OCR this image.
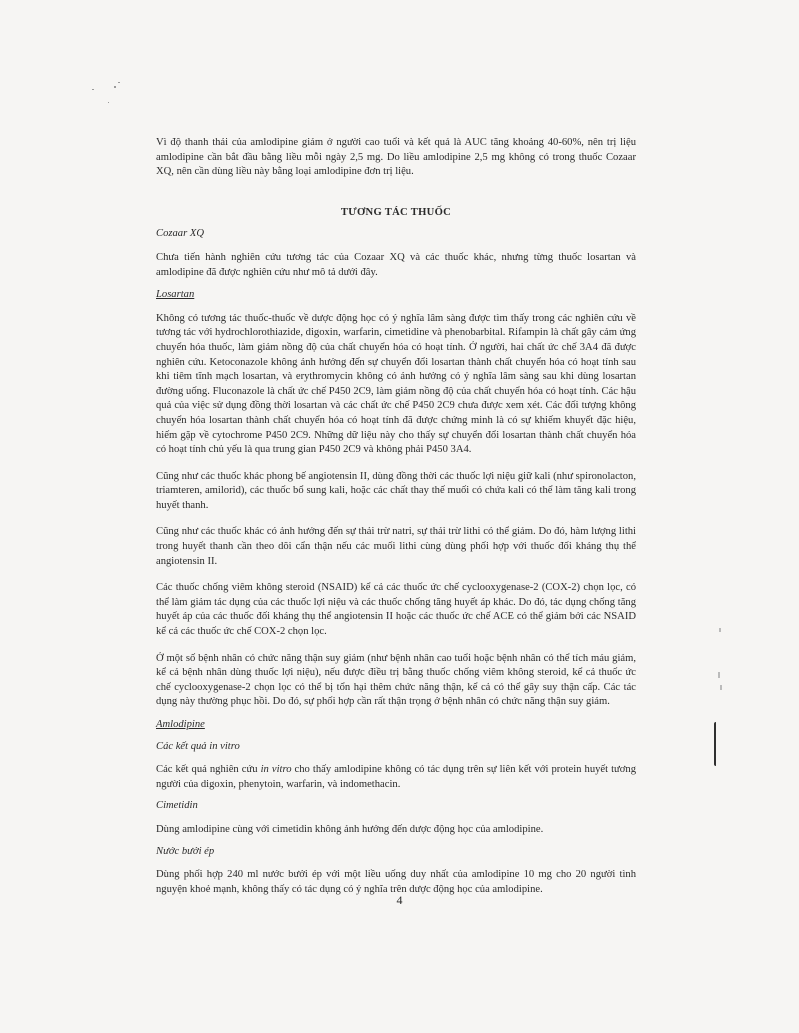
Vì độ thanh thải của amlodipine giảm ở người cao tuổi và kết quả là AUC tăng khoảng 40-60%, nên trị liệu amlodipine cần bắt đầu bằng liều mỗi ngày 2,5 mg. Do liều amlodipine 2,5 mg không có trong thuốc Cozaar XQ, nên cần dùng liều này bằng loại amlodipine đơn trị liệu.

TƯƠNG TÁC THUỐC
Cozaar XQ

Chưa tiến hành nghiên cứu tương tác của Cozaar XQ và các thuốc khác, nhưng từng thuốc losartan và amlodipine đã được nghiên cứu như mô tả dưới đây.

Losartan

Không có tương tác thuốc-thuốc về dược động học có ý nghĩa lâm sàng được tìm thấy trong các nghiên cứu về tương tác với hydrochlorothiazide, digoxin, warfarin, cimetidine và phenobarbital. Rifampin là chất gây cảm ứng chuyển hóa thuốc, làm giảm nồng độ của chất chuyển hóa có hoạt tính. Ở người, hai chất ức chế 3A4 đã được nghiên cứu. Ketoconazole không ảnh hưởng đến sự chuyển đổi losartan thành chất chuyển hóa có hoạt tính sau khi tiêm tĩnh mạch losartan, và erythromycin không có ảnh hưởng có ý nghĩa lâm sàng sau khi dùng losartan đường uống. Fluconazole là chất ức chế P450 2C9, làm giảm nồng độ của chất chuyển hóa có hoạt tính. Các hậu quả của việc sử dụng đồng thời losartan và các chất ức chế P450 2C9 chưa được xem xét. Các đối tượng không chuyển hóa losartan thành chất chuyển hóa có hoạt tính đã được chứng minh là có sự khiếm khuyết đặc hiệu, hiếm gặp về cytochrome P450 2C9. Những dữ liệu này cho thấy sự chuyển đổi losartan thành chất chuyển hóa có hoạt tính chủ yếu là qua trung gian P450 2C9 và không phải P450 3A4.

Cũng như các thuốc khác phong bế angiotensin II, dùng đồng thời các thuốc lợi niệu giữ kali (như spironolacton, triamteren, amilorid), các thuốc bổ sung kali, hoặc các chất thay thế muối có chứa kali có thể làm tăng kali trong huyết thanh.

Cũng như các thuốc khác có ảnh hưởng đến sự thải trừ natri, sự thải trừ lithi có thể giảm. Do đó, hàm lượng lithi trong huyết thanh cần theo dõi cẩn thận nếu các muối lithi cùng dùng phối hợp với thuốc đối kháng thụ thể angiotensin II.

Các thuốc chống viêm không steroid (NSAID) kể cả các thuốc ức chế cyclooxygenase-2 (COX-2) chọn lọc, có thể làm giảm tác dụng của các thuốc lợi niệu và các thuốc chống tăng huyết áp khác. Do đó, tác dụng chống tăng huyết áp của các thuốc đối kháng thụ thể angiotensin II hoặc các thuốc ức chế ACE có thể giảm bởi các NSAID kể cả các thuốc ức chế COX-2 chọn lọc.

Ở một số bệnh nhân có chức năng thận suy giảm (như bệnh nhân cao tuổi hoặc bệnh nhân có thể tích máu giảm, kể cả bệnh nhân dùng thuốc lợi niệu), nếu được điều trị bằng thuốc chống viêm không steroid, kể cả thuốc ức chế cyclooxygenase-2 chọn lọc có thể bị tổn hại thêm chức năng thận, kể cả có thể gây suy thận cấp. Các tác dụng này thường phục hồi. Do đó, sự phối hợp cần rất thận trọng ở bệnh nhân có chức năng thận suy giảm.

Amlodipine
Các kết quả in vitro

Các kết quả nghiên cứu in vitro cho thấy amlodipine không có tác dụng trên sự liên kết với protein huyết tương người của digoxin, phenytoin, warfarin, và indomethacin.

Cimetidin

Dùng amlodipine cùng với cimetidin không ảnh hưởng đến dược động học của amlodipine.

Nước bưởi ép

Dùng phối hợp 240 ml nước bưởi ép với một liều uống duy nhất của amlodipine 10 mg cho 20 người tình nguyện khoẻ mạnh, không thấy có tác dụng có ý nghĩa trên dược động học của amlodipine.

4
